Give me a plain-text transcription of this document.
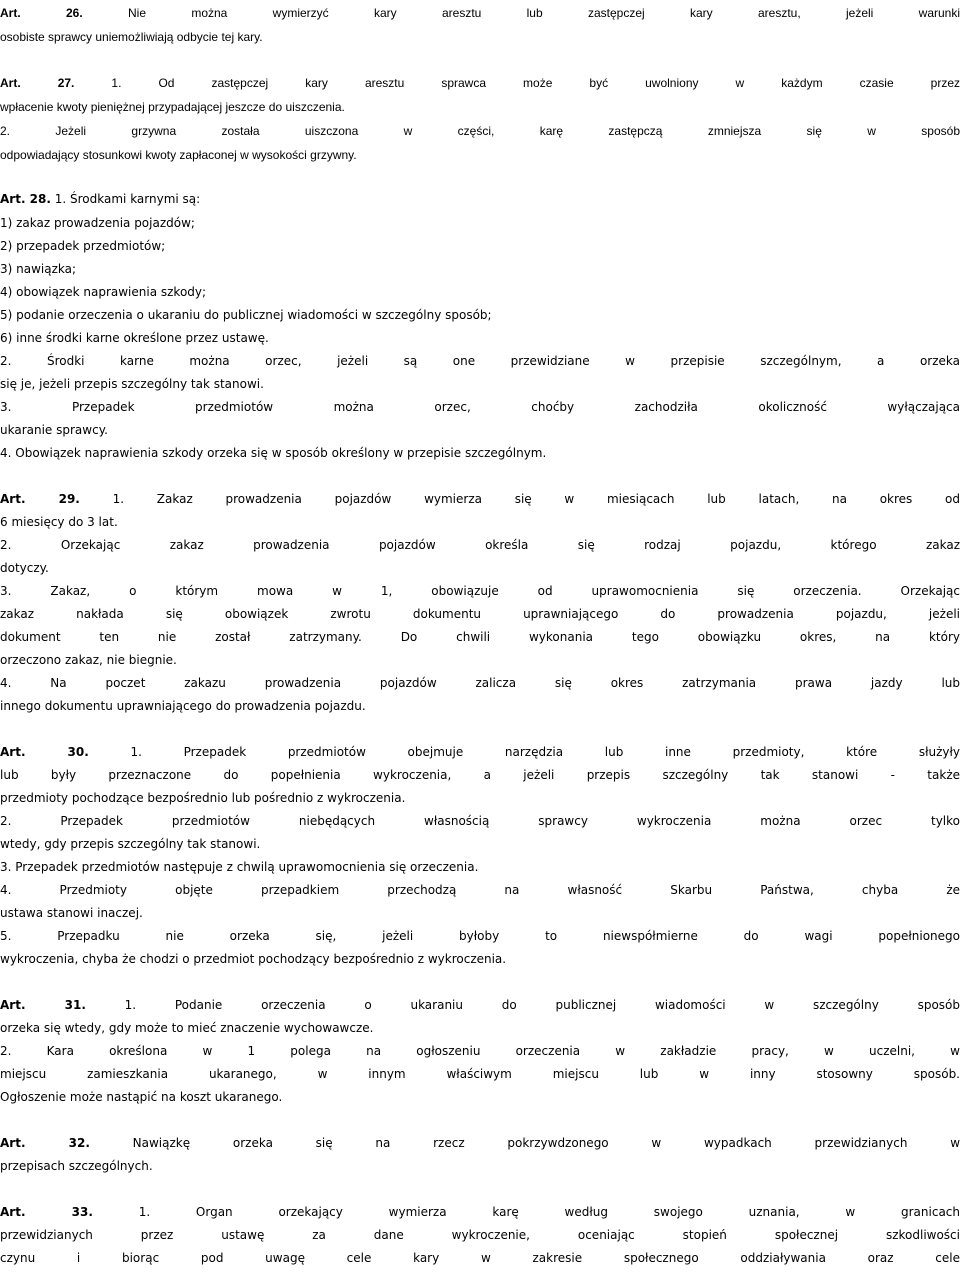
Art. 26. Nie można wymierzyć kary aresztu lub zastępczej kary aresztu, jeżeli warunki
osobiste sprawcy uniemożliwiają odbycie tej kary.
Art. 27. 1. Od zastępczej kary aresztu sprawca może być uwolniony w każdym czasie przez
wpłacenie kwoty pieniężnej przypadającej jeszcze do uiszczenia.
2. Jeżeli grzywna została uiszczona w części, karę zastępczą zmniejsza się w sposób
odpowiadający stosunkowi kwoty zapłaconej w wysokości grzywny.
Art. 28. 1. Środkami karnymi są:
1) zakaz prowadzenia pojazdów;
2) przepadek przedmiotów;
3) nawiązka;
4) obowiązek naprawienia szkody;
5) podanie orzeczenia o ukaraniu do publicznej wiadomości w szczególny sposób;
6) inne środki karne określone przez ustawę.
2. Środki karne można orzec, jeżeli są one przewidziane w przepisie szczególnym, a orzeka
się je, jeżeli przepis szczególny tak stanowi.
3. Przepadek przedmiotów można orzec, choćby zachodziła okoliczność wyłączająca
ukaranie sprawcy.
4. Obowiązek naprawienia szkody orzeka się w sposób określony w przepisie szczególnym.
Art. 29. 1. Zakaz prowadzenia pojazdów wymierza się w miesiącach lub latach, na okres od
6 miesięcy do 3 lat.
2. Orzekając zakaz prowadzenia pojazdów określa się rodzaj pojazdu, którego zakaz
dotyczy.
3. Zakaz, o którym mowa w 1, obowiązuje od uprawomocnienia się orzeczenia. Orzekając
zakaz nakłada się obowiązek zwrotu dokumentu uprawniającego do prowadzenia pojazdu, jeżeli
dokument ten nie został zatrzymany. Do chwili wykonania tego obowiązku okres, na który
orzeczono zakaz, nie biegnie.
4. Na poczet zakazu prowadzenia pojazdów zalicza się okres zatrzymania prawa jazdy lub
innego dokumentu uprawniającego do prowadzenia pojazdu.
Art. 30. 1. Przepadek przedmiotów obejmuje narzędzia lub inne przedmioty, które służyły
lub były przeznaczone do popełnienia wykroczenia, a jeżeli przepis szczególny tak stanowi - także
przedmioty pochodzące bezpośrednio lub pośrednio z wykroczenia.
2. Przepadek przedmiotów niebędących własnością sprawcy wykroczenia można orzec tylko
wtedy, gdy przepis szczególny tak stanowi.
3. Przepadek przedmiotów następuje z chwilą uprawomocnienia się orzeczenia.
4. Przedmioty objęte przepadkiem przechodzą na własność Skarbu Państwa, chyba że
ustawa stanowi inaczej.
5. Przepadku nie orzeka się, jeżeli byłoby to niewspółmierne do wagi popełnionego
wykroczenia, chyba że chodzi o przedmiot pochodzący bezpośrednio z wykroczenia.
Art. 31. 1. Podanie orzeczenia o ukaraniu do publicznej wiadomości w szczególny sposób
orzeka się wtedy, gdy może to mieć znaczenie wychowawcze.
2. Kara określona w 1 polega na ogłoszeniu orzeczenia w zakładzie pracy, w uczelni, w
miejscu zamieszkania ukaranego, w innym właściwym miejscu lub w inny stosowny sposób.
Ogłoszenie może nastąpić na koszt ukaranego.
Art. 32. Nawiązkę orzeka się na rzecz pokrzywdzonego w wypadkach przewidzianych w
przepisach szczególnych.
Art. 33. 1. Organ orzekający wymierza karę według swojego uznania, w granicach
przewidzianych przez ustawę za dane wykroczenie, oceniając stopień społecznej szkodliwości
czynu i biorąc pod uwagę cele kary w zakresie społecznego oddziaływania oraz cele
